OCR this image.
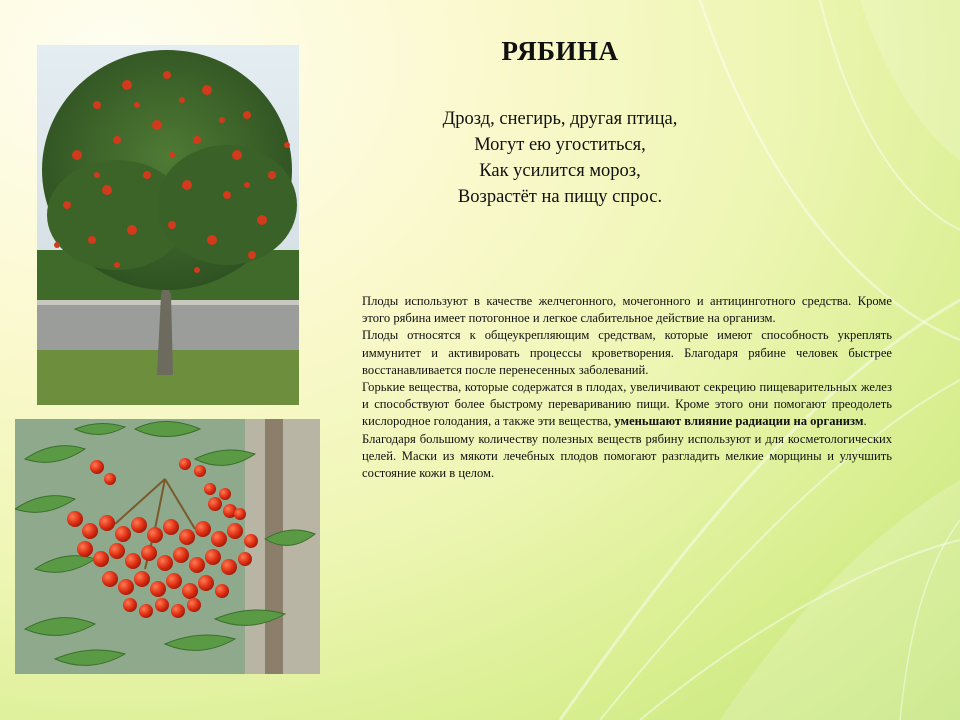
РЯБИНА
Дрозд, снегирь, другая птица,
Могут ею угоститься,
Как усилится мороз,
Возрастёт на пищу спрос.

Плоды используют в качестве желчегонного, мочегонного и антицинготного средства. Кроме этого рябина имеет потогонное и легкое слабительное действие на организм.

Плоды относятся к общеукрепляющим средствам, которые имеют способность укреплять иммунитет и активировать процессы кроветворения. Благодаря рябине человек быстрее восстанавливается после перенесенных заболеваний.

Горькие вещества, которые содержатся в плодах, увеличивают секрецию пищеварительных желез и способствуют более быстрому перевариванию пищи. Кроме этого они помогают преодолеть кислородное голодания, а также эти вещества, уменьшают влияние радиации на организм.

Благодаря большому количеству полезных веществ рябину используют и для косметологических целей. Маски из мякоти лечебных плодов помогают разгладить мелкие морщины и улучшить состояние кожи в целом.
